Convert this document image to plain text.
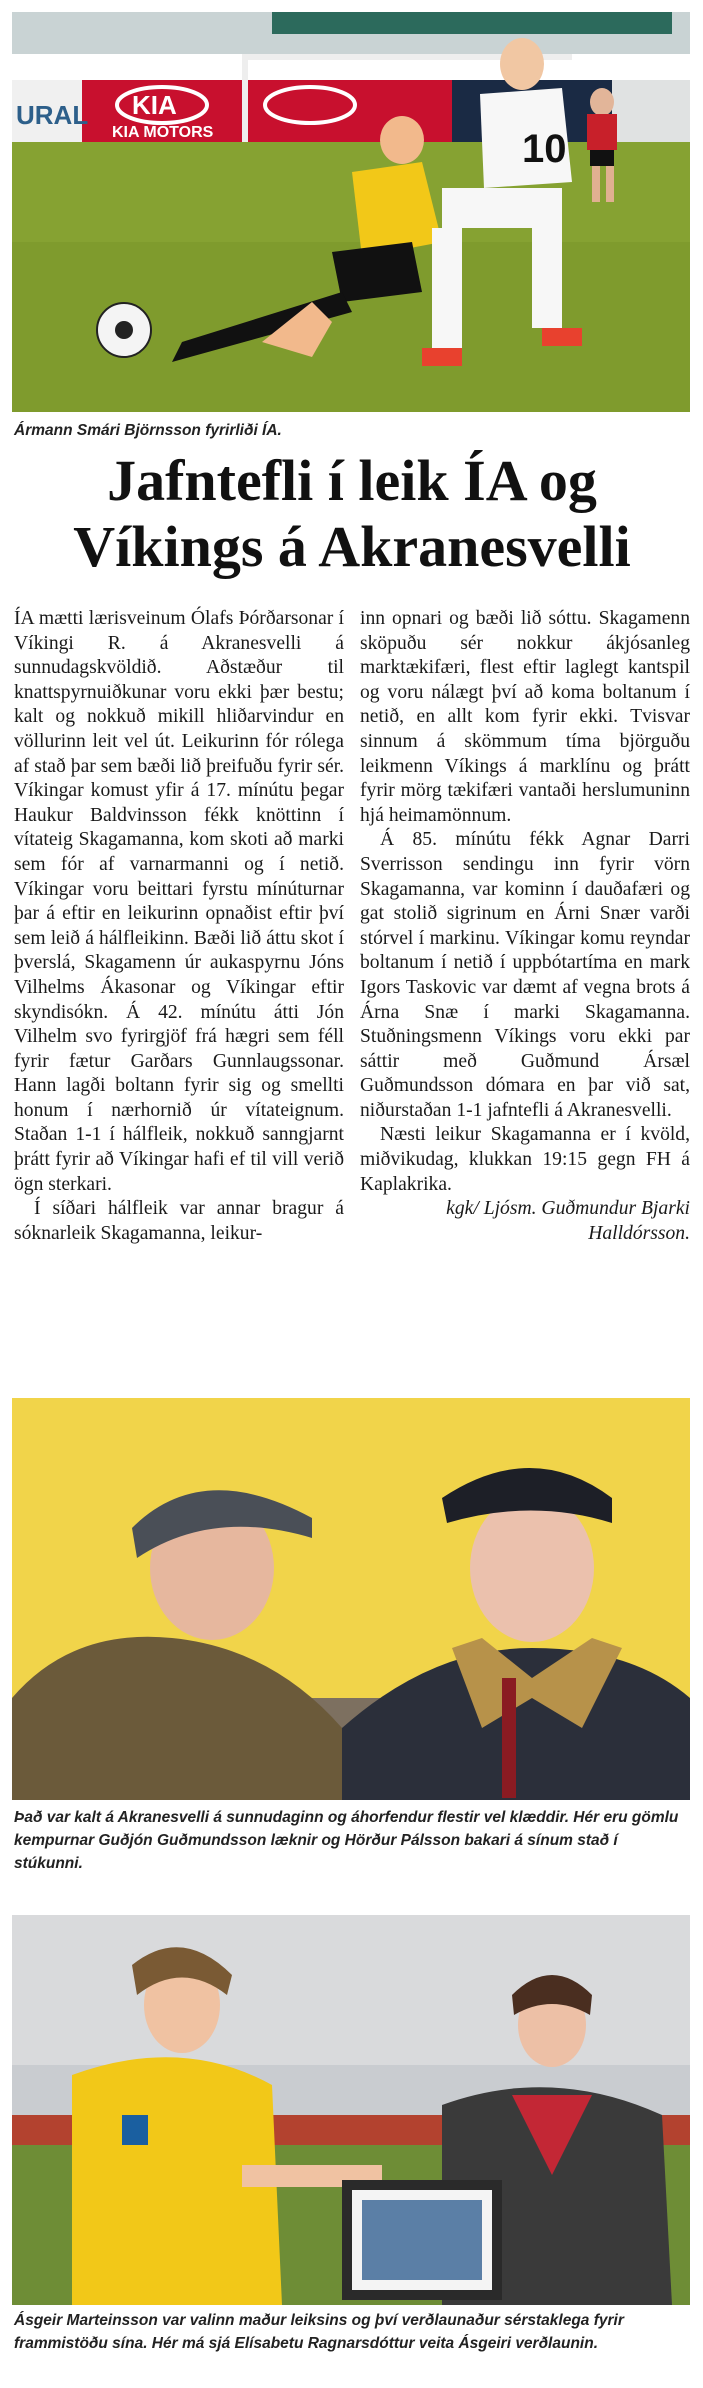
URAL KIA
KIA MOTORS	10

Ármann Smári Björnsson fyrirliði ÍA.

Jafntefli í leik ÍA og
Víkings á Akranesvelli

ÍA mætti lærisveinum Ólafs Þórðarsonar í Víkingi R. á Akranesvelli á sunnudagskvöldið. Aðstæður til knattspyrnuiðkunar voru ekki þær bestu; kalt og nokkuð mikill hliðarvindur en völlurinn leit vel út. Leikurinn fór rólega af stað þar sem bæði lið þreifuðu fyrir sér. Víkingar komust yfir á 17. mínútu þegar Haukur Baldvinsson fékk knöttinn í vítateig Skagamanna, kom skoti að marki sem fór af varnarmanni og í netið. Víkingar voru beittari fyrstu mínúturnar þar á eftir en leikurinn opnaðist eftir því sem leið á hálfleikinn. Bæði lið áttu skot í þverslá, Skagamenn úr aukaspyrnu Jóns Vilhelms Ákasonar og Víkingar eftir skyndisókn. Á 42. mínútu átti Jón Vilhelm svo fyrirgjöf frá hægri sem féll fyrir fætur Garðars Gunnlaugssonar. Hann lagði boltann fyrir sig og smellti honum í nærhornið úr vítateignum. Staðan 1-1 í hálfleik, nokkuð sanngjarnt þrátt fyrir að Víkingar hafi ef til vill verið ögn sterkari.

Í síðari hálfleik var annar bragur á sóknarleik Skagamanna, leikur-

inn opnari og bæði lið sóttu. Skagamenn sköpuðu sér nokkur ákjósanleg marktækifæri, flest eftir laglegt kantspil og voru nálægt því að koma boltanum í netið, en allt kom fyrir ekki. Tvisvar sinnum á skömmum tíma björguðu leikmenn Víkings á marklínu og þrátt fyrir mörg tækifæri vantaði herslumuninn hjá heimamönnum.

Á 85. mínútu fékk Agnar Darri Sverrisson sendingu inn fyrir vörn Skagamanna, var kominn í dauðafæri og gat stolið sigrinum en Árni Snær varði stórvel í markinu. Víkingar komu reyndar boltanum í netið í uppbótartíma en mark Igors Taskovic var dæmt af vegna brots á Árna Snæ í marki Skagamanna. Stuðningsmenn Víkings voru ekki par sáttir með Guðmund Ársæl Guðmundsson dómara en þar við sat, niðurstaðan 1-1 jafntefli á Akranesvelli.

Næsti leikur Skagamanna er í kvöld, miðvikudag, klukkan 19:15 gegn FH á Kaplakrika.

kgk/ Ljósm. Guðmundur Bjarki
Halldórsson.

Það var kalt á Akranesvelli á sunnudaginn og áhorfendur flestir vel klæddir. Hér eru gömlu kempurnar Guðjón Guðmundsson læknir og Hörður Pálsson bakari á sínum stað í stúkunni.

Ásgeir Marteinsson var valinn maður leiksins og því verðlaunaður sérstaklega fyrir frammistöðu sína. Hér má sjá Elísabetu Ragnarsdóttur veita Ásgeiri verðlaunin.
